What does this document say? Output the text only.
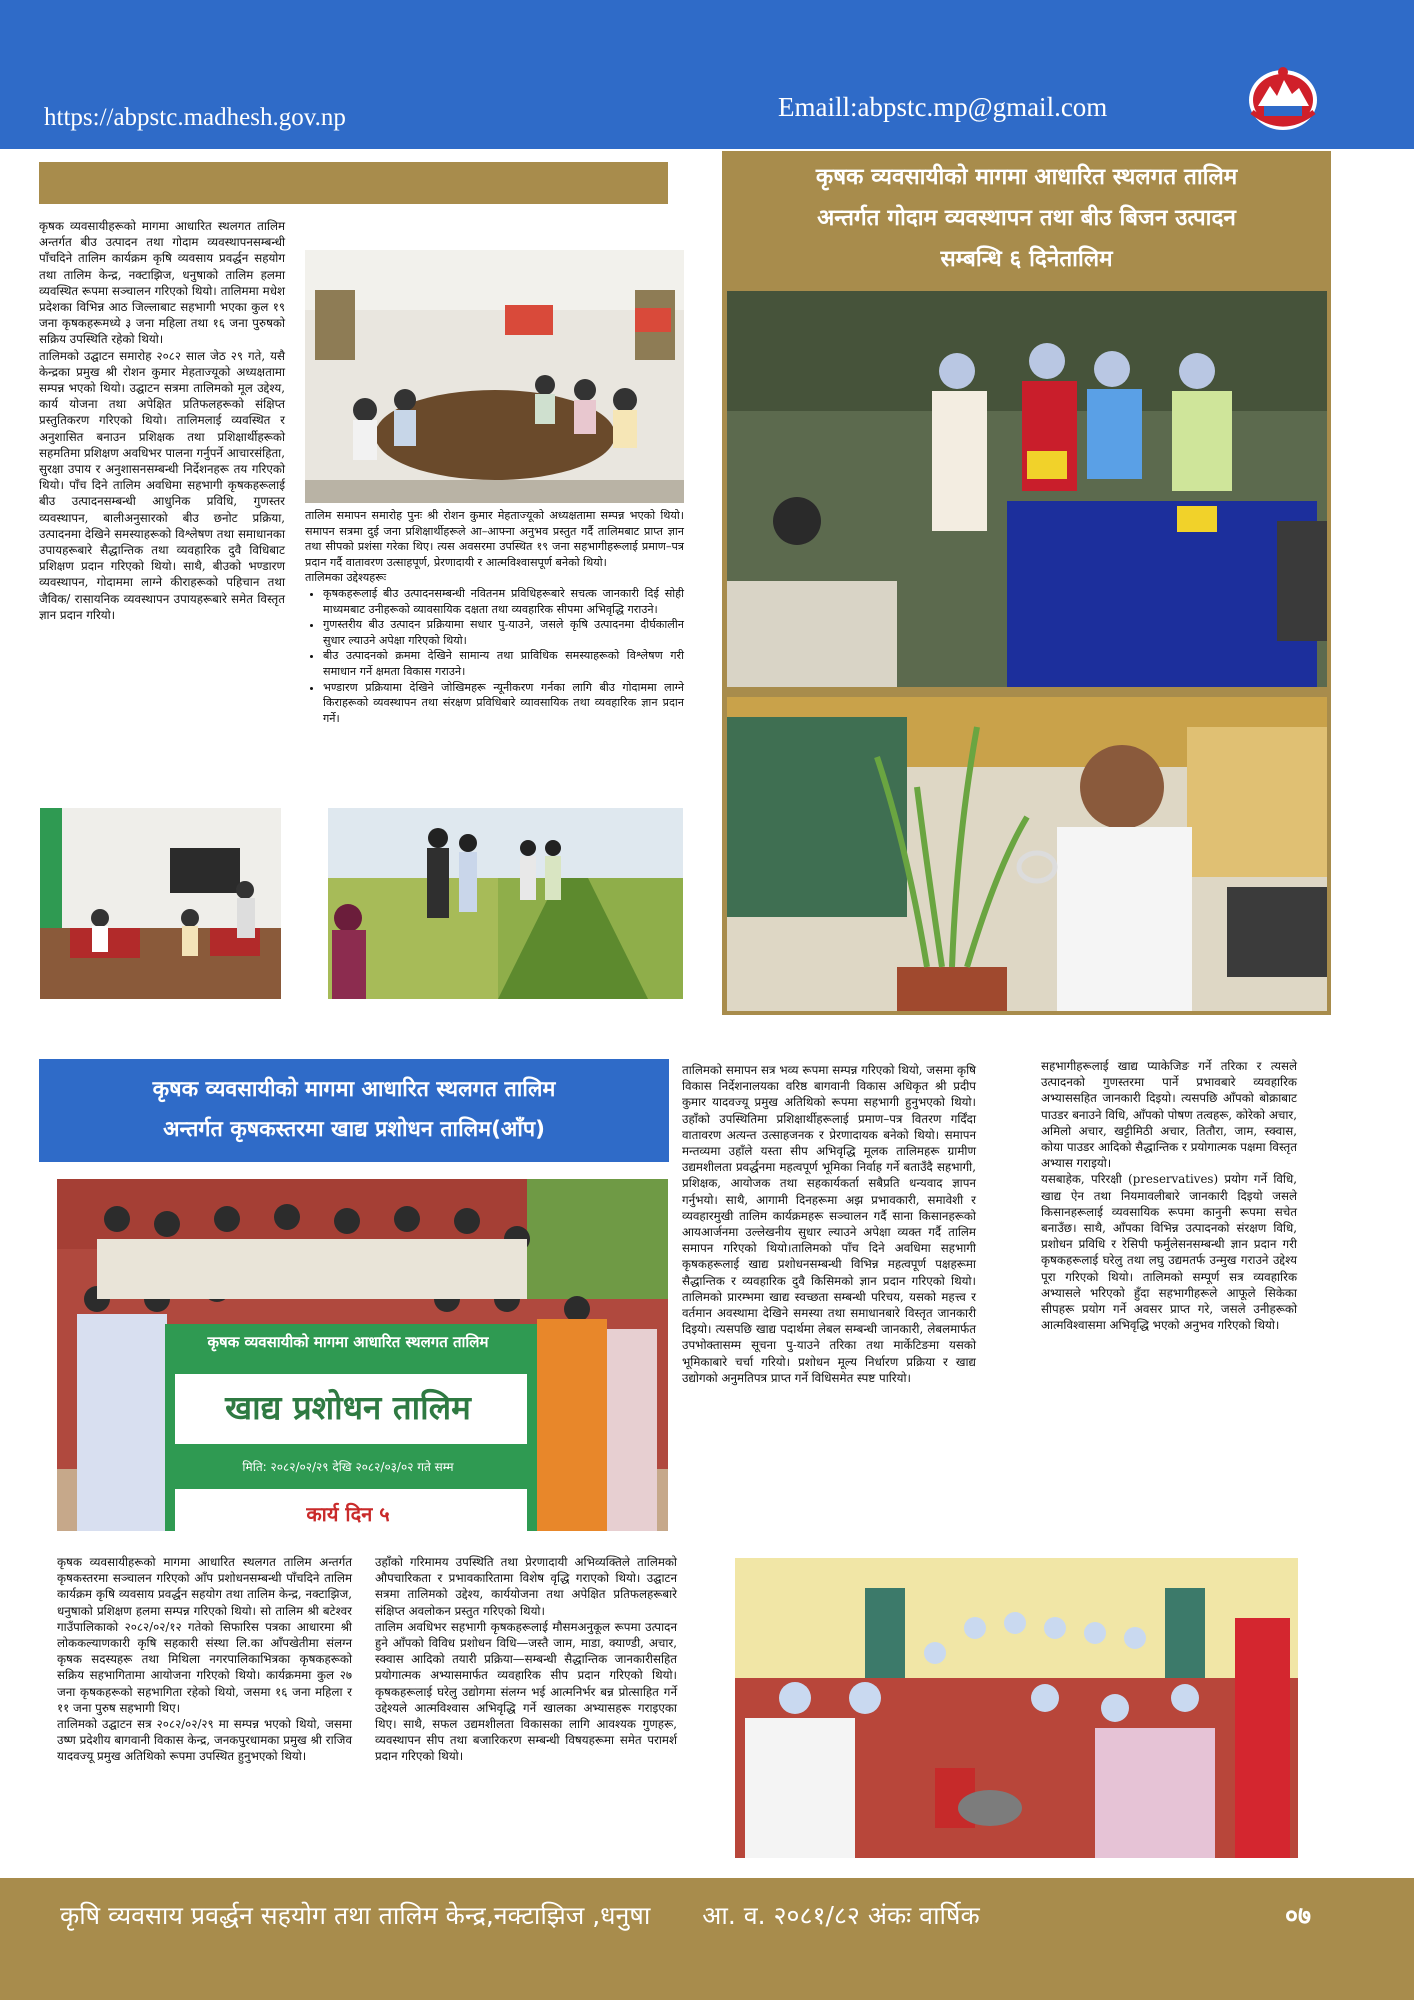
https://abpstc.madhesh.gov.np	Emaill:abpstc.mp@gmail.com

कृषक व्यवसायीहरूको मागमा आधारित स्थलगत तालिम अन्तर्गत बीउ उत्पादन तथा गोदाम व्यवस्थापनसम्बन्धी पाँचदिने तालिम कार्यक्रम कृषि व्यवसाय प्रवर्द्धन सहयोग तथा तालिम केन्द्र, नक्टाझिज, धनुषाको तालिम हलमा व्यवस्थित रूपमा सञ्चालन गरिएको थियो। तालिममा मधेश प्रदेशका विभिन्न आठ जिल्लाबाट सहभागी भएका कुल १९ जना कृषकहरूमध्ये ३ जना महिला तथा १६ जना पुरुषको सक्रिय उपस्थिति रहेको थियो।

तालिमको उद्घाटन समारोह २०८२ साल जेठ २९ गते, यसै केन्द्रका प्रमुख श्री रोशन कुमार मेहताज्यूको अध्यक्षतामा सम्पन्न भएको थियो। उद्घाटन सत्रमा तालिमको मूल उद्देश्य, कार्य योजना तथा अपेक्षित प्रतिफलहरूको संक्षिप्त प्रस्तुतिकरण गरिएको थियो। तालिमलाई व्यवस्थित र अनुशासित बनाउन प्रशिक्षक तथा प्रशिक्षार्थीहरूको सहमतिमा प्रशिक्षण अवधिभर पालना गर्नुपर्ने आचारसंहिता, सुरक्षा उपाय र अनुशासनसम्बन्धी निर्देशनहरू तय गरिएको थियो। पाँच दिने तालिम अवधिमा सहभागी कृषकहरूलाई बीउ उत्पादनसम्बन्धी आधुनिक प्रविधि, गुणस्तर व्यवस्थापन, बालीअनुसारको बीउ छनोट प्रक्रिया, उत्पादनमा देखिने समस्याहरूको विश्लेषण तथा समाधानका उपायहरूबारे सैद्धान्तिक तथा व्यवहारिक दुवै विधिबाट प्रशिक्षण प्रदान गरिएको थियो। साथै, बीउको भण्डारण व्यवस्थापन, गोदाममा लाग्ने कीराहरूको पहिचान तथा जैविक/ रासायनिक व्यवस्थापन उपायहरूबारे समेत विस्तृत ज्ञान प्रदान गरियो।

तालिम समापन समारोह पुनः श्री रोशन कुमार मेहताज्यूको अध्यक्षतामा सम्पन्न भएको थियो। समापन सत्रमा दुई जना प्रशिक्षार्थीहरूले आ–आफ्ना अनुभव प्रस्तुत गर्दै तालिमबाट प्राप्त ज्ञान तथा सीपको प्रशंसा गरेका थिए। त्यस अवसरमा उपस्थित १९ जना सहभागीहरूलाई प्रमाण–पत्र प्रदान गर्दै वातावरण उत्साहपूर्ण, प्रेरणादायी र आत्मविश्वासपूर्ण बनेको थियो।

तालिमका उद्देश्यहरूः

• कृषकहरूलाई बीउ उत्पादनसम्बन्धी नवितनम प्रविधिहरूबारे सचत्क जानकारी दिई सोही माध्यमबाट उनीहरूको व्यावसायिक दक्षता तथा व्यवहारिक सीपमा अभिवृद्धि गराउने।
• गुणस्तरीय बीउ उत्पादन प्रक्रियामा सधार पु-याउने, जसले कृषि उत्पादनमा दीर्घकालीन सुधार ल्याउने अपेक्षा गरिएको थियो।
• बीउ उत्पादनको क्रममा देखिने सामान्य तथा प्राविधिक समस्याहरूको विश्लेषण गरी समाधान गर्ने क्षमता विकास गराउने।
• भण्डारण प्रक्रियामा देखिने जोखिमहरू न्यूनीकरण गर्नका लागि बीउ गोदाममा लाग्ने किराहरूको व्यवस्थापन तथा संरक्षण प्रविधिबारे व्यावसायिक तथा व्यवहारिक ज्ञान प्रदान गर्ने।
कृषक व्यवसायीको मागमा आधारित स्थलगत तालिम
अन्तर्गत गोदाम व्यवस्थापन तथा बीउ बिजन उत्पादन
सम्बन्धि ६ दिनेतालिम
कृषक व्यवसायीको मागमा आधारित स्थलगत तालिम
अन्तर्गत कृषकस्तरमा खाद्य प्रशोधन तालिम(आँप)
कृषक व्यवसायीको मागमा आधारित स्थलगत तालिम
खाद्य प्रशोधन तालिम
मिति: २०८२/०२/२९ देखि २०८२/०३/०२ गते सम्म
कार्य दिन ५

कृषक व्यवसायीहरूको मागमा आधारित स्थलगत तालिम अन्तर्गत कृषकस्तरमा सञ्चालन गरिएको आँप प्रशोधनसम्बन्धी पाँचदिने तालिम कार्यक्रम कृषि व्यवसाय प्रवर्द्धन सहयोग तथा तालिम केन्द्र, नक्टाझिज, धनुषाको प्रशिक्षण हलमा सम्पन्न गरिएको थियो। सो तालिम श्री बटेश्वर गाउँपालिकाको २०८२/०२/१२ गतेको सिफारिस पत्रका आधारमा श्री लोककल्याणकारी कृषि सहकारी संस्था लि.का आँपखेतीमा संलग्न कृषक सदस्यहरू तथा मिथिला नगरपालिकाभित्रका कृषकहरूको सक्रिय सहभागितामा आयोजना गरिएको थियो। कार्यक्रममा कुल २७ जना कृषकहरूको सहभागिता रहेको थियो, जसमा १६ जना महिला र ११ जना पुरुष सहभागी थिए।

तालिमको उद्घाटन सत्र २०८२/०२/२९ मा सम्पन्न भएको थियो, जसमा उष्ण प्रदेशीय बागवानी विकास केन्द्र, जनकपुरधामका प्रमुख श्री राजिव यादवज्यू प्रमुख अतिथिको रूपमा उपस्थित हुनुभएको थियो।

उहाँको गरिमामय उपस्थिति तथा प्रेरणादायी अभिव्यक्तिले तालिमको औपचारिकता र प्रभावकारितामा विशेष वृद्धि गराएको थियो। उद्घाटन सत्रमा तालिमको उद्देश्य, कार्ययोजना तथा अपेक्षित प्रतिफलहरूबारे संक्षिप्त अवलोकन प्रस्तुत गरिएको थियो।

तालिम अवधिभर सहभागी कृषकहरूलाई मौसमअनुकूल रूपमा उत्पादन हुने आँपको विविध प्रशोधन विधि—जस्तै जाम, माडा, क्याण्डी, अचार, स्क्वास आदिको तयारी प्रक्रिया—सम्बन्धी सैद्धान्तिक जानकारीसहित प्रयोगात्मक अभ्यासमार्फत व्यवहारिक सीप प्रदान गरिएको थियो। कृषकहरूलाई घरेलु उद्योगमा संलग्न भई आत्मनिर्भर बन्न प्रोत्साहित गर्ने उद्देश्यले आत्मविश्वास अभिवृद्धि गर्ने खालका अभ्यासहरू गराइएका थिए। साथै, सफल उद्यमशीलता विकासका लागि आवश्यक गुणहरू, व्यवस्थापन सीप तथा बजारिकरण सम्बन्धी विषयहरूमा समेत परामर्श प्रदान गरिएको थियो।

तालिमको समापन सत्र भव्य रूपमा सम्पन्न गरिएको थियो, जसमा कृषि विकास निर्देशनालयका वरिष्ठ बागवानी विकास अधिकृत श्री प्रदीप कुमार यादवज्यू प्रमुख अतिथिको रूपमा सहभागी हुनुभएको थियो। उहाँको उपस्थितिमा प्रशिक्षार्थीहरूलाई प्रमाण–पत्र वितरण गर्दिंदा वातावरण अत्यन्त उत्साहजनक र प्रेरणादायक बनेको थियो। समापन मन्तव्यमा उहाँले यस्ता सीप अभिवृद्धि मूलक तालिमहरू ग्रामीण उद्यमशीलता प्रवर्द्धनमा महत्वपूर्ण भूमिका निर्वाह गर्ने बताउँदै सहभागी, प्रशिक्षक, आयोजक तथा सहकार्यकर्ता सबैप्रति धन्यवाद ज्ञापन गर्नुभयो। साथै, आगामी दिनहरूमा अझ प्रभावकारी, समावेशी र व्यवहारमुखी तालिम कार्यक्रमहरू सञ्चालन गर्दै साना किसानहरूको आयआर्जनमा उल्लेखनीय सुधार ल्याउने अपेक्षा व्यक्त गर्दै तालिम समापन गरिएको थियो।तालिमको पाँच दिने अवधिमा सहभागी कृषकहरूलाई खाद्य प्रशोधनसम्बन्धी विभिन्न महत्वपूर्ण पक्षहरूमा सैद्धान्तिक र व्यवहारिक दुवै किसिमको ज्ञान प्रदान गरिएको थियो। तालिमको प्रारम्भमा खाद्य स्वच्छता सम्बन्धी परिचय, यसको महत्त्व र वर्तमान अवस्थामा देखिने समस्या तथा समाधानबारे विस्तृत जानकारी दिइयो। त्यसपछि खाद्य पदार्थमा लेबल सम्बन्धी जानकारी, लेबलमार्फत उपभोक्तासम्म सूचना पु-याउने तरिका तथा मार्केटिङमा यसको भूमिकाबारे चर्चा गरियो। प्रशोधन मूल्य निर्धारण प्रक्रिया र खाद्य उद्योगको अनुमतिपत्र प्राप्त गर्ने विधिसमेत स्पष्ट पारियो।

सहभागीहरूलाई खाद्य प्याकेजिङ गर्ने तरिका र त्यसले उत्पादनको गुणस्तरमा पार्ने प्रभावबारे व्यवहारिक अभ्याससहित जानकारी दिइयो। त्यसपछि आँपको बोक्राबाट पाउडर बनाउने विधि, आँपको पोषण तत्वहरू, कोरेको अचार, अमिलो अचार, खट्टीमिठी अचार, तितौरा, जाम, स्क्वास, कोया पाउडर आदिको सैद्धान्तिक र प्रयोगात्मक पक्षमा विस्तृत अभ्यास गराइयो।

यसबाहेक, परिरक्षी (preservatives) प्रयोग गर्ने विधि, खाद्य ऐन तथा नियमावलीबारे जानकारी दिइयो जसले किसानहरूलाई व्यवसायिक रूपमा कानुनी रूपमा सचेत बनाउँछ। साथै, आँपका विभिन्न उत्पादनको संरक्षण विधि, प्रशोधन प्रविधि र रेसिपी फर्मुलेसनसम्बन्धी ज्ञान प्रदान गरी कृषकहरूलाई घरेलु तथा लघु उद्यमतर्फ उन्मुख गराउने उद्देश्य पूरा गरिएको थियो। तालिमको सम्पूर्ण सत्र व्यवहारिक अभ्यासले भरिएको हुँदा सहभागीहरूले आफूले सिकेका सीपहरू प्रयोग गर्ने अवसर प्राप्त गरे, जसले उनीहरूको आत्मविश्वासमा अभिवृद्धि भएको अनुभव गरिएको थियो।

कृषि व्यवसाय प्रवर्द्धन सहयोग तथा तालिम केन्द्र,नक्टाझिज ,धनुषा आ. व. २०८१/८२ अंकः वार्षिक	०७
